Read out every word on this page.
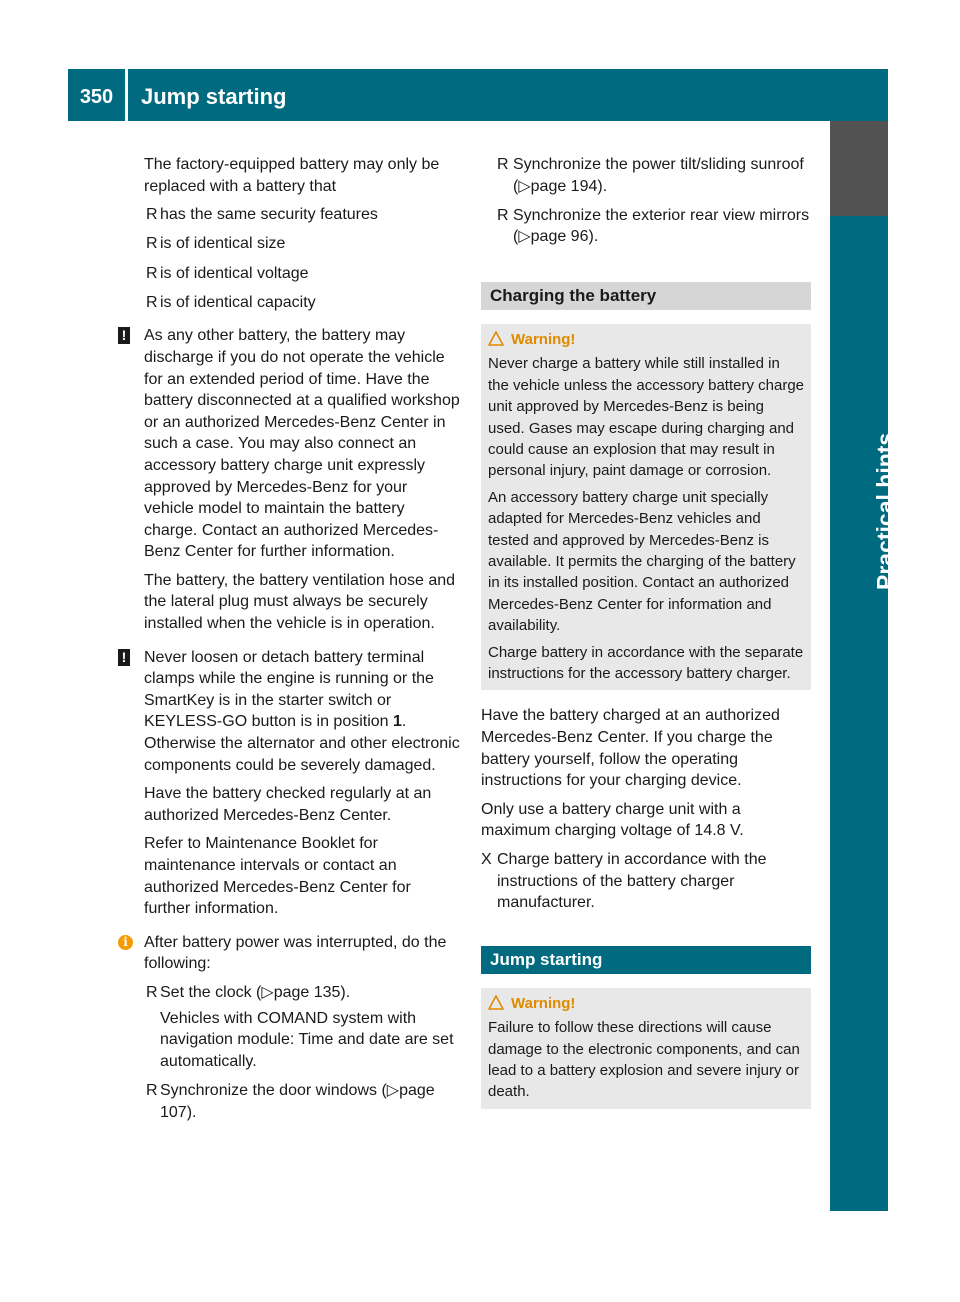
350	Jump starting
Practical hints

The factory-equipped battery may only be replaced with a battery that

R has the same security features
R is of identical size
R is of identical voltage
R is of identical capacity
! As any other battery, the battery may discharge if you do not operate the vehicle for an extended period of time. Have the battery disconnected at a qualified workshop or an authorized Mercedes-Benz Center in such a case. You may also connect an accessory battery charge unit expressly approved by Mercedes-Benz for your vehicle model to maintain the battery charge. Contact an authorized Mercedes-Benz Center for further information.

The battery, the battery ventilation hose and the lateral plug must always be securely installed when the vehicle is in operation.

! Never loosen or detach battery terminal clamps while the engine is running or the SmartKey is in the starter switch or KEYLESS-GO button is in position 1. Otherwise the alternator and other electronic components could be severely damaged.

Have the battery checked regularly at an authorized Mercedes-Benz Center.

Refer to Maintenance Booklet for maintenance intervals or contact an authorized Mercedes-Benz Center for further information.

i	After battery power was interrupted, do the following:

R Set the clock (▷page 135).

Vehicles with COMAND system with navigation module: Time and date are set automatically.

R Synchronize the door windows (▷page 107).
R Synchronize the power tilt/sliding sunroof (▷page 194).
R Synchronize the exterior rear view mirrors (▷page 96).
Charging the battery
Warning!

Never charge a battery while still installed in the vehicle unless the accessory battery charge unit approved by Mercedes-Benz is being used. Gases may escape during charging and could cause an explosion that may result in personal injury, paint damage or corrosion.

An accessory battery charge unit specially adapted for Mercedes-Benz vehicles and tested and approved by Mercedes-Benz is available. It permits the charging of the battery in its installed position. Contact an authorized Mercedes-Benz Center for information and availability.

Charge battery in accordance with the separate instructions for the accessory battery charger.

Have the battery charged at an authorized Mercedes-Benz Center. If you charge the battery yourself, follow the operating instructions for your charging device.

Only use a battery charge unit with a maximum charging voltage of 14.8 V.

X Charge battery in accordance with the instructions of the battery charger manufacturer.

Jump starting
Warning!

Failure to follow these directions will cause damage to the electronic components, and can lead to a battery explosion and severe injury or death.
